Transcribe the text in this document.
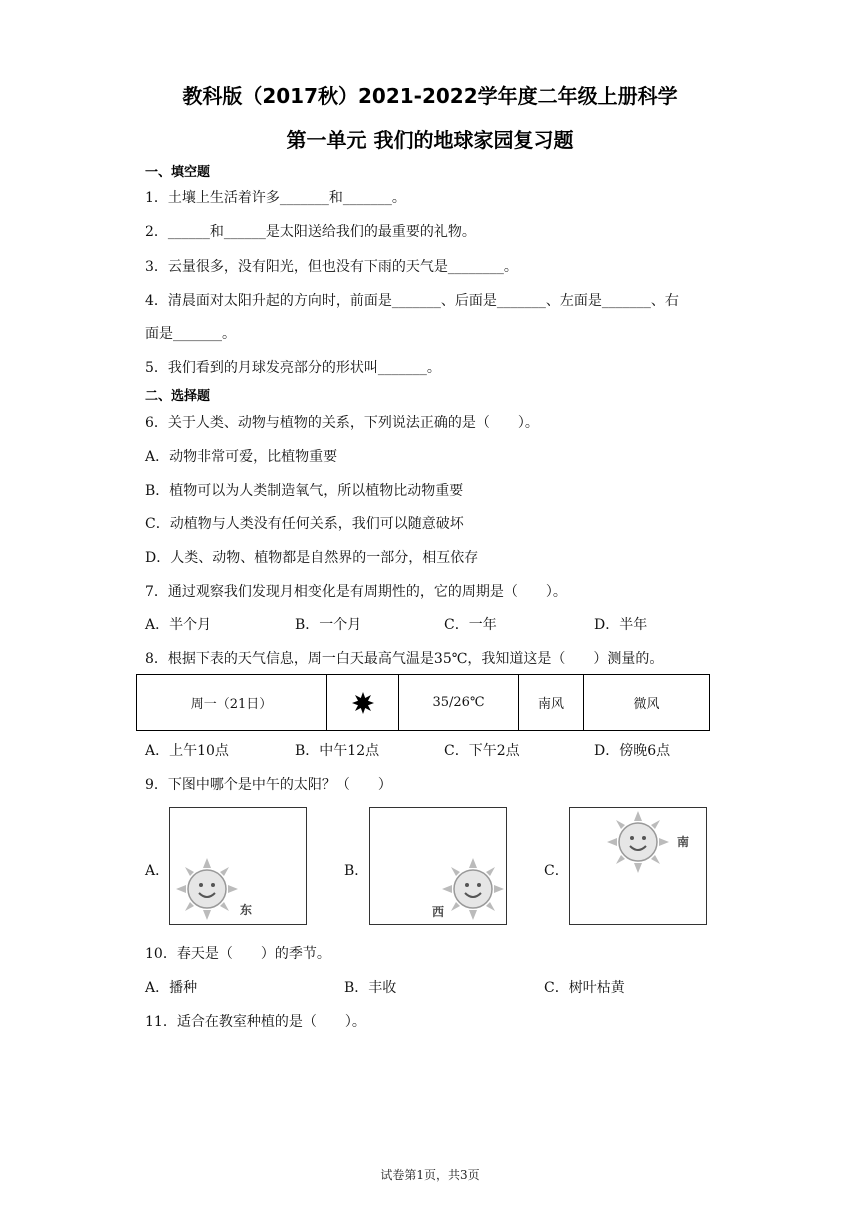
教科版（2017秋）2021-2022学年度二年级上册科学
第一单元 我们的地球家园复习题
一、填空题
1．土壤上生活着许多_______和_______。
2．______和______是太阳送给我们的最重要的礼物。
3．云量很多，没有阳光，但也没有下雨的天气是________。
4．清晨面对太阳升起的方向时，前面是_______、后面是_______、左面是_______、右
面是_______。
5．我们看到的月球发亮部分的形状叫_______。
二、选择题
6．关于人类、动物与植物的关系，下列说法正确的是（　　）。
A．动物非常可爱，比植物重要
B．植物可以为人类制造氧气，所以植物比动物重要
C．动植物与人类没有任何关系，我们可以随意破坏
D．人类、动物、植物都是自然界的一部分，相互依存
7．通过观察我们发现月相变化是有周期性的，它的周期是（　　）。
A．半个月	B．一个月	C．一年	D．半年
8．根据下表的天气信息，周一白天最高气温是35℃，我知道这是（　　）测量的。
周一（21日）		35/26℃	南风	微风
A．上午10点	B．中午12点	C．下午2点	D．傍晚6点
9．下图中哪个是中午的太阳？（　　）
A．
东
B．
西
C．
南
10．春天是（　　）的季节。
A．播种	B．丰收	C．树叶枯黄
11．适合在教室种植的是（　　）。
试卷第1页，共3页
